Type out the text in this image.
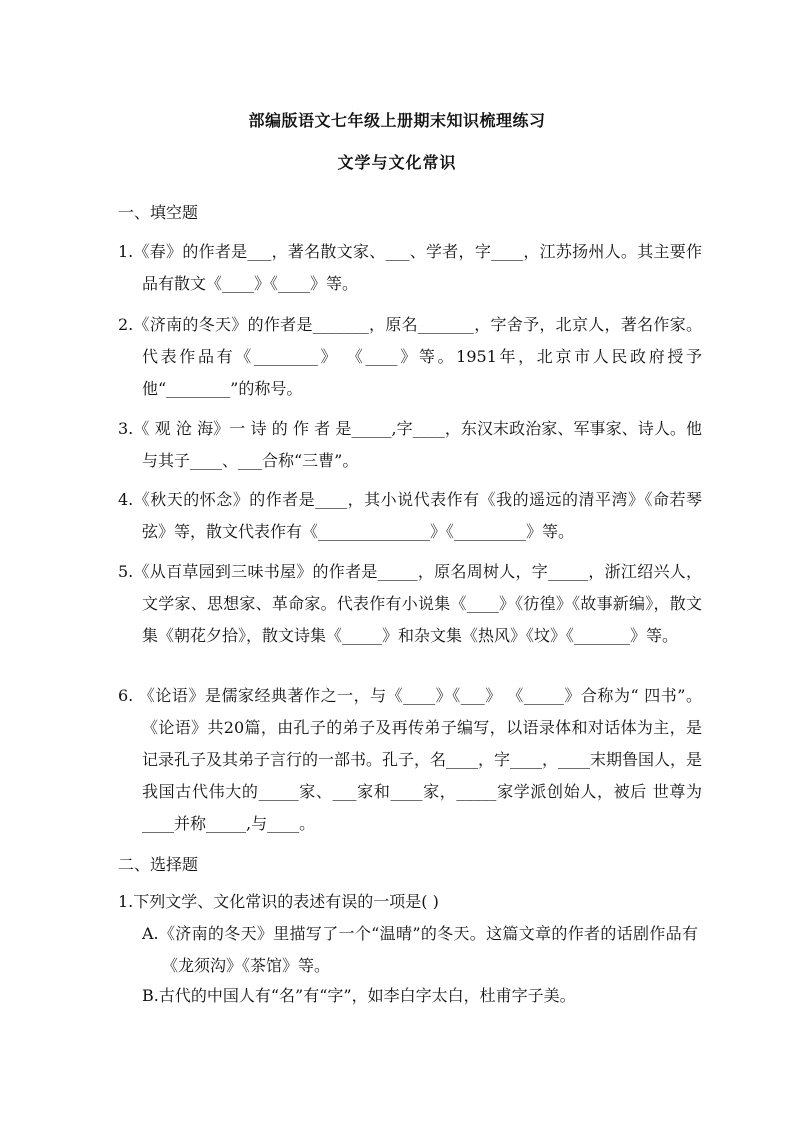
部编版语文七年级上册期末知识梳理练习
文学与文化常识

一、填空题

1.《春》的作者是___，著名散文家、___、学者，字____，江苏扬州人。其主要作品有散文《____》《____》等。

2.《济南的冬天》的作者是_______，原名_______，字舍予，北京人，著名作家。代表作品有《________》 《____》等。1951年，北京市人民政府授予他“________”的称号。

3.《 观 沧 海》一 诗 的 作 者 是_____,字____，东汉末政治家、军事家、诗人。他与其子____、___合称“三曹”。

4.《秋天的怀念》的作者是____，其小说代表作有《我的遥远的清平湾》《命若琴弦》等，散文代表作有《______________》《_________》等。

5.《从百草园到三味书屋》的作者是_____，原名周树人，字_____，浙江绍兴人，文学家、思想家、革命家。代表作有小说集《____》《彷徨》《故事新编》，散文集《朝花夕拾》，散文诗集《_____》和杂文集《热风》《坟》《_______》等。

6. 《论语》是儒家经典著作之一，与《____》《___》 《_____》合称为“ 四书”。《论语》共20篇，由孔子的弟子及再传弟子编写，以语录体和对话体为主，是记录孔子及其弟子言行的一部书。孔子，名____，字____，____末期鲁国人，是我国古代伟大的_____家、___家和____家，_____家学派创始人，被后 世尊为____并称_____,与____。

二、选择题

1.下列文学、文化常识的表述有误的一项是( )

A.《济南的冬天》里描写了一个“温晴”的冬天。这篇文章的作者的话剧作品有《龙须沟》《茶馆》等。

B.古代的中国人有“名”有“字”，如李白字太白，杜甫字子美。
